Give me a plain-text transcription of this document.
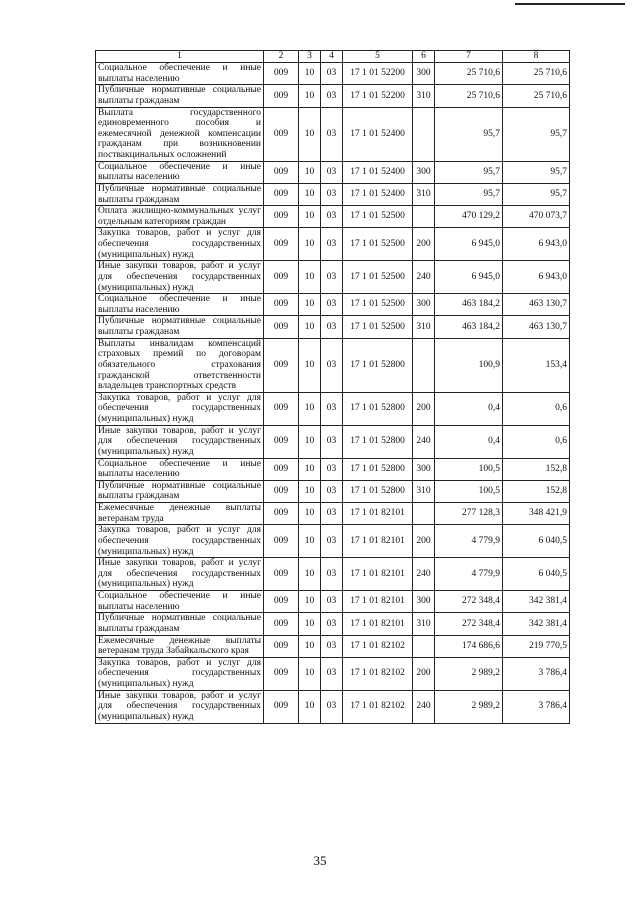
1	2	3	4	5	6	7	8
Социальное обеспечение и иные выплаты населению	009	10	03	17 1 01 52200	300	25 710,6	25 710,6
Публичные нормативные социальные выплаты гражданам	009	10	03	17 1 01 52200	310	25 710,6	25 710,6
Выплата государственного единовременного пособия и ежемесячной денежной компенсации гражданам при возникновении поствакцинальных осложнений	009	10	03	17 1 01 52400		95,7	95,7
Социальное обеспечение и иные выплаты населению	009	10	03	17 1 01 52400	300	95,7	95,7
Публичные нормативные социальные выплаты гражданам	009	10	03	17 1 01 52400	310	95,7	95,7
Оплата жилищно-коммунальных услуг отдельным категориям граждан	009	10	03	17 1 01 52500		470 129,2	470 073,7
Закупка товаров, работ и услуг для обеспечения государственных (муниципальных) нужд	009	10	03	17 1 01 52500	200	6 945,0	6 943,0
Иные закупки товаров, работ и услуг для обеспечения государственных (муниципальных) нужд	009	10	03	17 1 01 52500	240	6 945,0	6 943,0
Социальное обеспечение и иные выплаты населению	009	10	03	17 1 01 52500	300	463 184,2	463 130,7
Публичные нормативные социальные выплаты гражданам	009	10	03	17 1 01 52500	310	463 184,2	463 130,7
Выплаты инвалидам компенсаций страховых премий по договорам обязательного страхования гражданской ответственности владельцев транспортных средств	009	10	03	17 1 01 52800		100,9	153,4
Закупка товаров, работ и услуг для обеспечения государственных (муниципальных) нужд	009	10	03	17 1 01 52800	200	0,4	0,6
Иные закупки товаров, работ и услуг для обеспечения государственных (муниципальных) нужд	009	10	03	17 1 01 52800	240	0,4	0,6
Социальное обеспечение и иные выплаты населению	009	10	03	17 1 01 52800	300	100,5	152,8
Публичные нормативные социальные выплаты гражданам	009	10	03	17 1 01 52800	310	100,5	152,8
Ежемесячные денежные выплаты ветеранам труда	009	10	03	17 1 01 82101		277 128,3	348 421,9
Закупка товаров, работ и услуг для обеспечения государственных (муниципальных) нужд	009	10	03	17 1 01 82101	200	4 779,9	6 040,5
Иные закупки товаров, работ и услуг для обеспечения государственных (муниципальных) нужд	009	10	03	17 1 01 82101	240	4 779,9	6 040,5
Социальное обеспечение и иные выплаты населению	009	10	03	17 1 01 82101	300	272 348,4	342 381,4
Публичные нормативные социальные выплаты гражданам	009	10	03	17 1 01 82101	310	272 348,4	342 381,4
Ежемесячные денежные выплаты ветеранам труда Забайкальского края	009	10	03	17 1 01 82102		174 686,6	219 770,5
Закупка товаров, работ и услуг для обеспечения государственных (муниципальных) нужд	009	10	03	17 1 01 82102	200	2 989,2	3 786,4
Иные закупки товаров, работ и услуг для обеспечения государственных (муниципальных) нужд	009	10	03	17 1 01 82102	240	2 989,2	3 786,4
35
